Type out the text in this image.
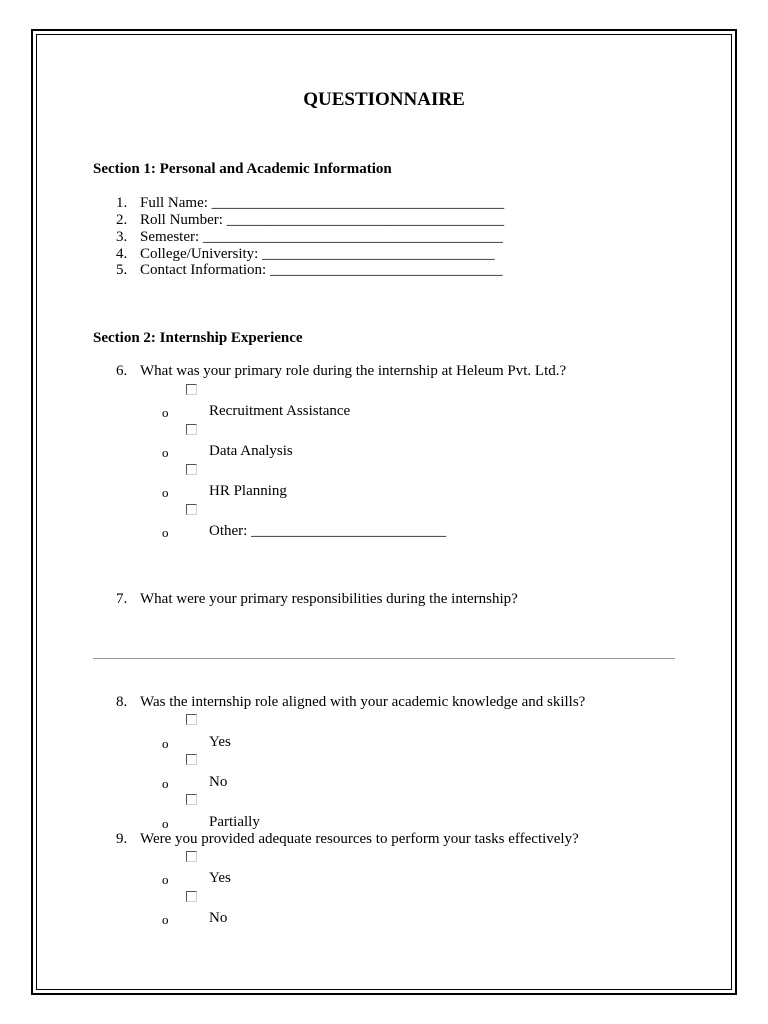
QUESTIONNAIRE
Section 1: Personal and Academic Information
1. Full Name: _______________________________________
2. Roll Number: _____________________________________
3. Semester: ________________________________________
4. College/University: _______________________________
5. Contact Information: _______________________________
Section 2: Internship Experience
6. What was your primary role during the internship at Heleum Pvt. Ltd.?
o	Recruitment Assistance
o	Data Analysis
o	HR Planning
o	Other: __________________________
7. What were your primary responsibilities during the internship?
8. Was the internship role aligned with your academic knowledge and skills?
o	Yes
o	No
o	Partially
9. Were you provided adequate resources to perform your tasks effectively?
o	Yes
o	No
